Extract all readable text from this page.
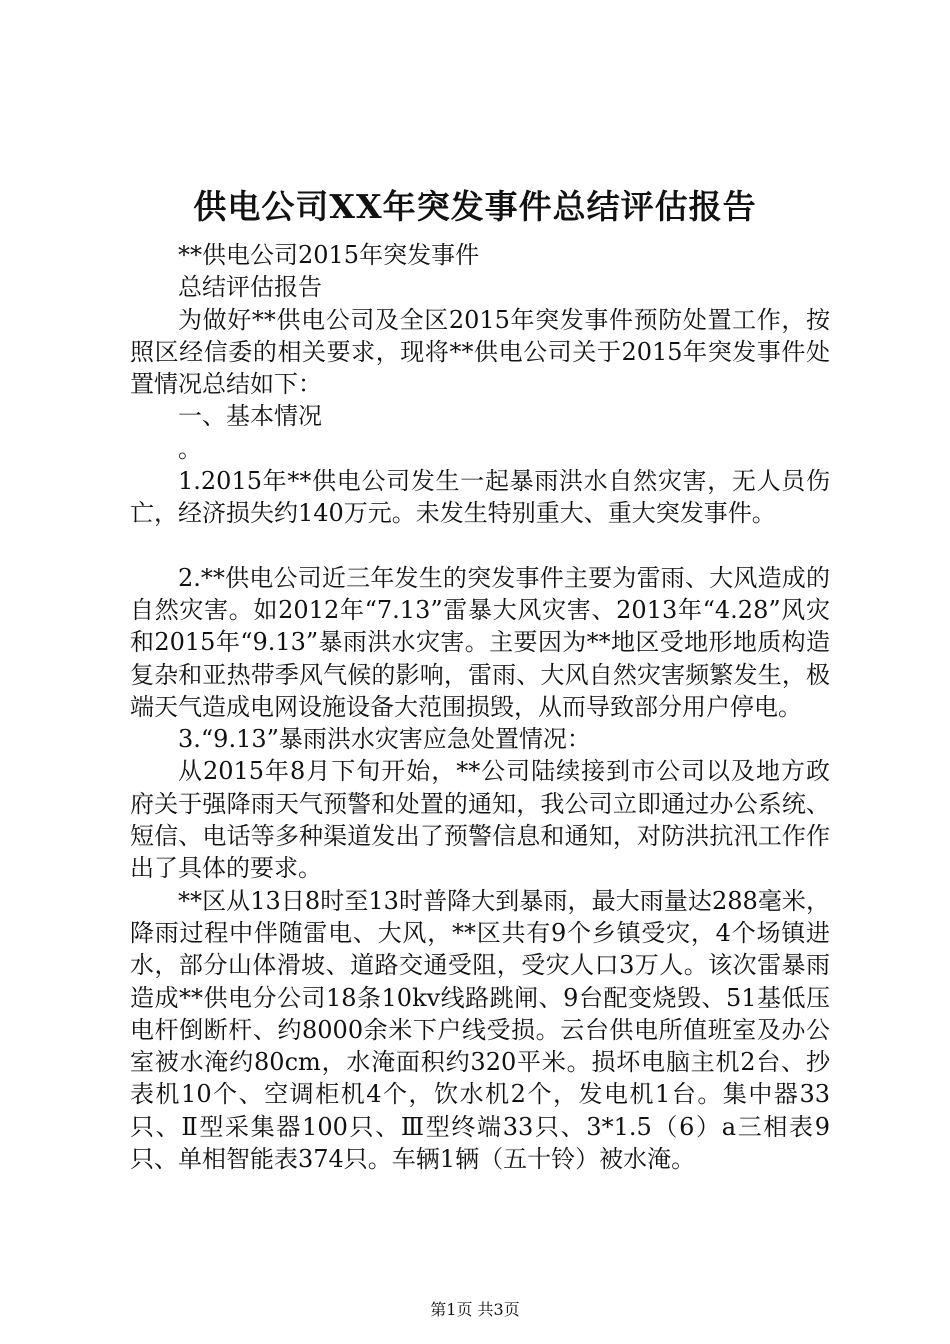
供电公司XX年突发事件总结评估报告

**供电公司2015年突发事件

总结评估报告

为做好**供电公司及全区2015年突发事件预防处置工作，按照区经信委的相关要求，现将**供电公司关于2015年突发事件处置情况总结如下：

一、基本情况

。

1.2015年**供电公司发生一起暴雨洪水自然灾害，无人员伤亡，经济损失约140万元。未发生特别重大、重大突发事件。

2.**供电公司近三年发生的突发事件主要为雷雨、大风造成的自然灾害。如2012年“7.13”雷暴大风灾害、2013年“4.28”风灾和2015年“9.13”暴雨洪水灾害。主要因为**地区受地形地质构造复杂和亚热带季风气候的影响，雷雨、大风自然灾害频繁发生，极端天气造成电网设施设备大范围损毁，从而导致部分用户停电。

3.“9.13”暴雨洪水灾害应急处置情况：

从2015年8月下旬开始，**公司陆续接到市公司以及地方政府关于强降雨天气预警和处置的通知，我公司立即通过办公系统、短信、电话等多种渠道发出了预警信息和通知，对防洪抗汛工作作出了具体的要求。

**区从13日8时至13时普降大到暴雨，最大雨量达288毫米，降雨过程中伴随雷电、大风，**区共有9个乡镇受灾，4个场镇进水，部分山体滑坡、道路交通受阻，受灾人口3万人。该次雷暴雨造成**供电分公司18条10kv线路跳闸、9台配变烧毁、51基低压电杆倒断杆、约8000余米下户线受损。云台供电所值班室及办公室被水淹约80cm，水淹面积约320平米。损坏电脑主机2台、抄表机10个、空调柜机4个，饮水机2个，发电机1台。集中器33只、Ⅱ型采集器100只、Ⅲ型终端33只、3*1.5（6）a三相表9只、单相智能表374只。车辆1辆（五十铃）被水淹。

第1页 共3页
